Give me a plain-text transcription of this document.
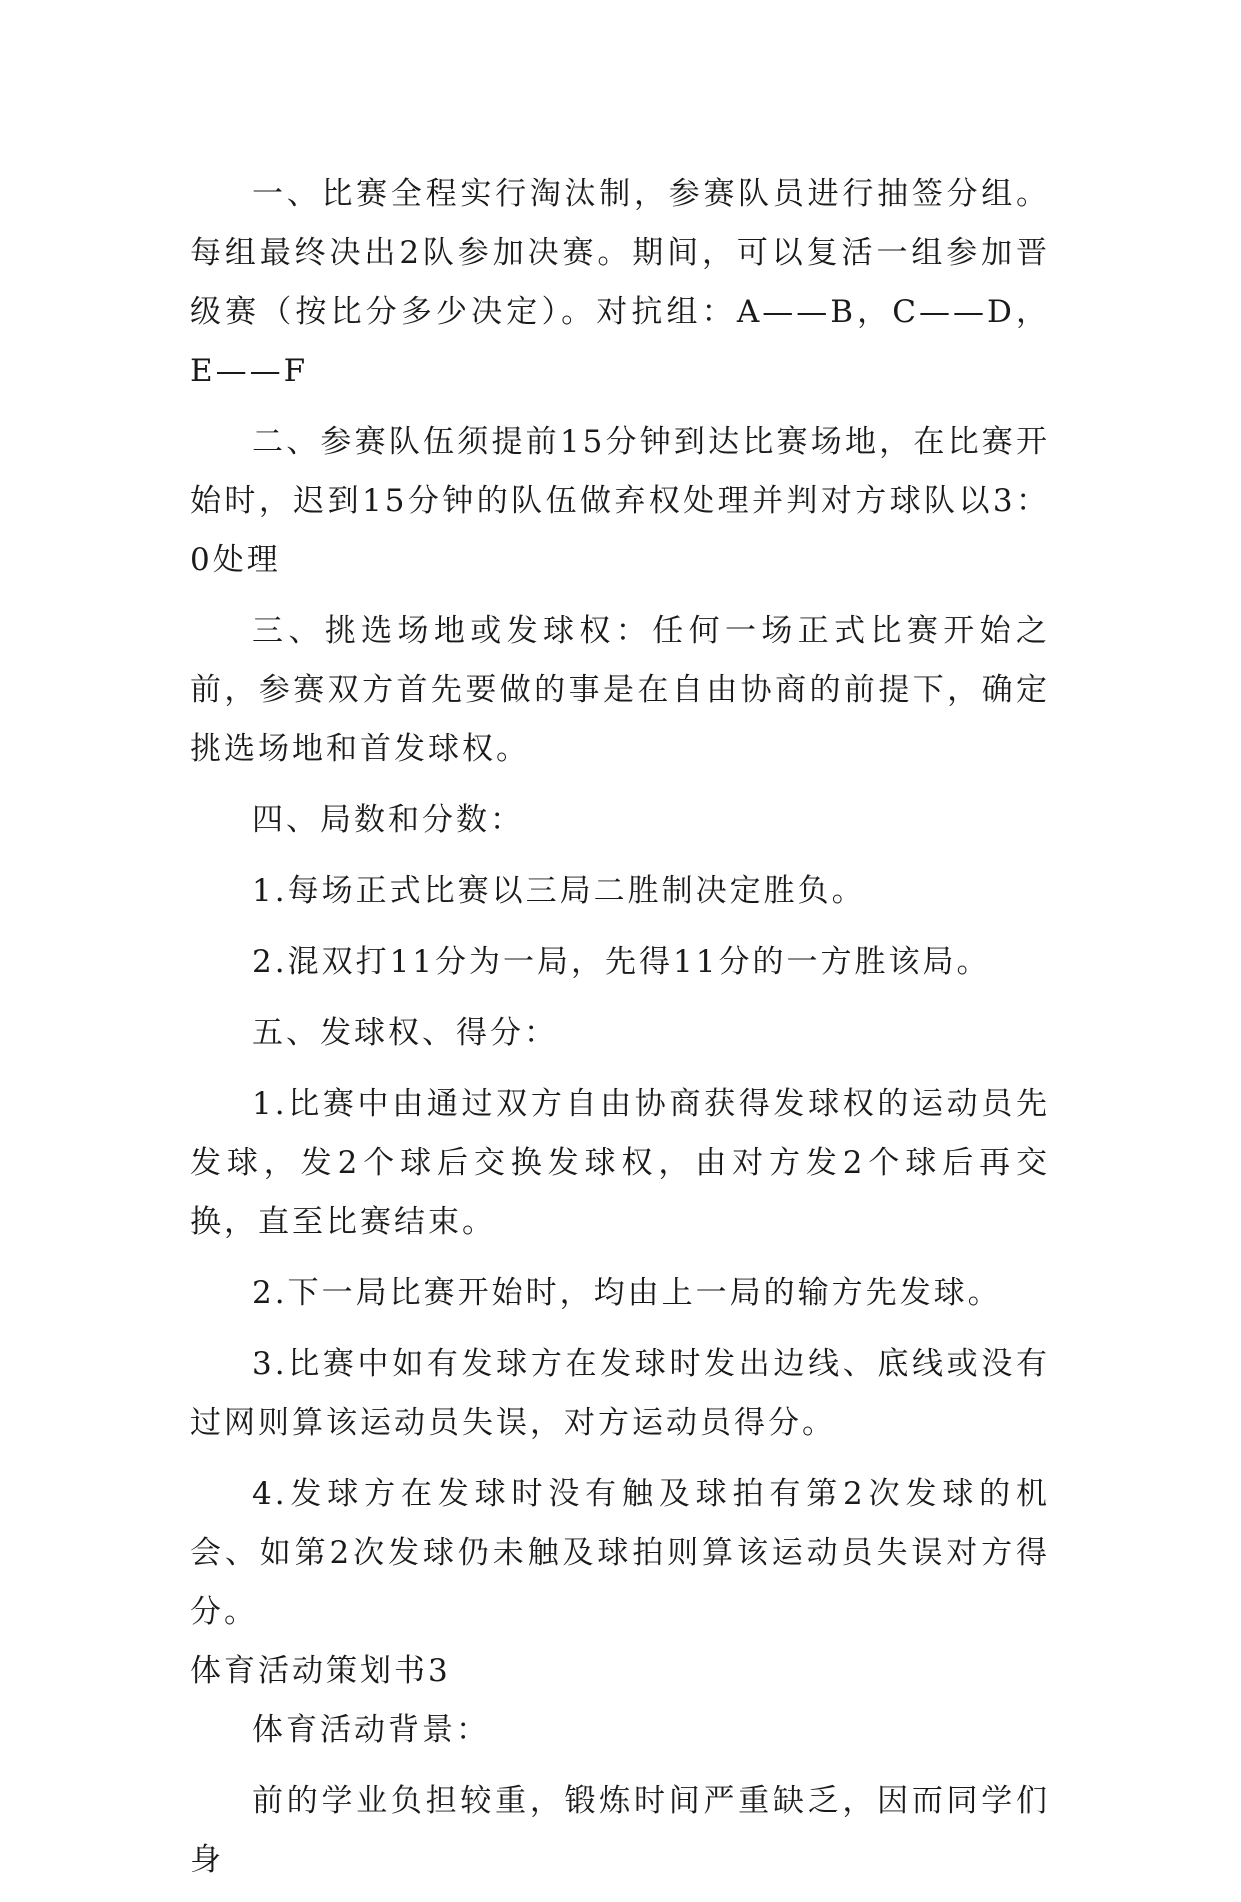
一、比赛全程实行淘汰制，参赛队员进行抽签分组。每组最终决出2队参加决赛。期间，可以复活一组参加晋级赛（按比分多少决定）。对抗组：A——B，C——D，E——F

二、参赛队伍须提前15分钟到达比赛场地，在比赛开始时，迟到15分钟的队伍做弃权处理并判对方球队以3：0处理

三、挑选场地或发球权：任何一场正式比赛开始之前，参赛双方首先要做的事是在自由协商的前提下，确定挑选场地和首发球权。

四、局数和分数：

1.每场正式比赛以三局二胜制决定胜负。

2.混双打11分为一局，先得11分的一方胜该局。

五、发球权、得分：

1.比赛中由通过双方自由协商获得发球权的运动员先发球，发2个球后交换发球权，由对方发2个球后再交换，直至比赛结束。

2.下一局比赛开始时，均由上一局的输方先发球。

3.比赛中如有发球方在发球时发出边线、底线或没有过网则算该运动员失误，对方运动员得分。

4.发球方在发球时没有触及球拍有第2次发球的机会、如第2次发球仍未触及球拍则算该运动员失误对方得分。

体育活动策划书3

体育活动背景：

前的学业负担较重，锻炼时间严重缺乏，因而同学们身
